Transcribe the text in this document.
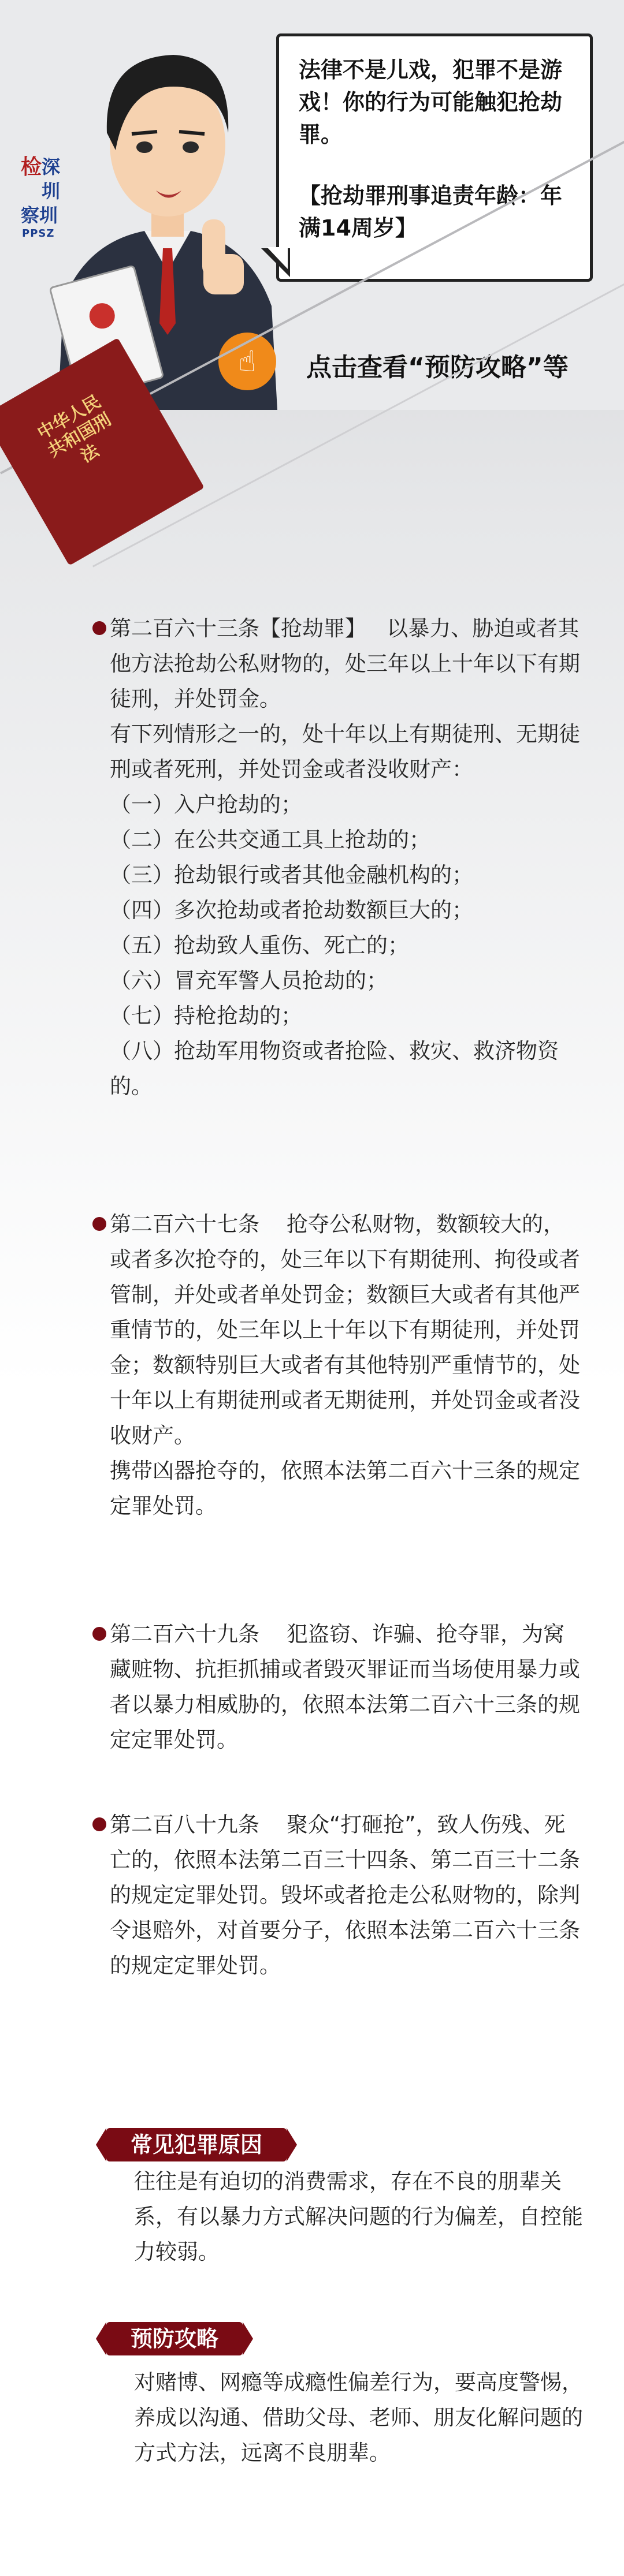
检 深圳
察 圳
PPSZ
法律不是儿戏，犯罪不是游戏！你的行为可能触犯抢劫罪。
【抢劫罪刑事追责年龄：年满14周岁】
☝	点击查看“预防攻略”等
中华人民共和国刑法

第二百六十三条【抢劫罪】 以暴力、胁迫或者其他方法抢劫公私财物的，处三年以上十年以下有期徒刑，并处罚金。

有下列情形之一的，处十年以上有期徒刑、无期徒刑或者死刑，并处罚金或者没收财产：

（一）入户抢劫的；
（二）在公共交通工具上抢劫的；
（三）抢劫银行或者其他金融机构的；
（四）多次抢劫或者抢劫数额巨大的；
（五）抢劫致人重伤、死亡的；
（六）冒充军警人员抢劫的；
（七）持枪抢劫的；
（八）抢劫军用物资或者抢险、救灾、救济物资的。

第二百六十七条 抢夺公私财物，数额较大的，或者多次抢夺的，处三年以下有期徒刑、拘役或者管制，并处或者单处罚金；数额巨大或者有其他严重情节的，处三年以上十年以下有期徒刑，并处罚金；数额特别巨大或者有其他特别严重情节的，处十年以上有期徒刑或者无期徒刑，并处罚金或者没收财产。

携带凶器抢夺的，依照本法第二百六十三条的规定定罪处罚。

第二百六十九条 犯盗窃、诈骗、抢夺罪，为窝藏赃物、抗拒抓捕或者毁灭罪证而当场使用暴力或者以暴力相威胁的，依照本法第二百六十三条的规定定罪处罚。

第二百八十九条 聚众“打砸抢”，致人伤残、死亡的，依照本法第二百三十四条、第二百三十二条的规定定罪处罚。毁坏或者抢走公私财物的，除判令退赔外，对首要分子，依照本法第二百六十三条的规定定罪处罚。

常见犯罪原因
往往是有迫切的消费需求，存在不良的朋辈关系，有以暴力方式解决问题的行为偏差，自控能力较弱。
预防攻略
对赌博、网瘾等成瘾性偏差行为，要高度警惕，养成以沟通、借助父母、老师、朋友化解问题的方式方法，远离不良朋辈。
